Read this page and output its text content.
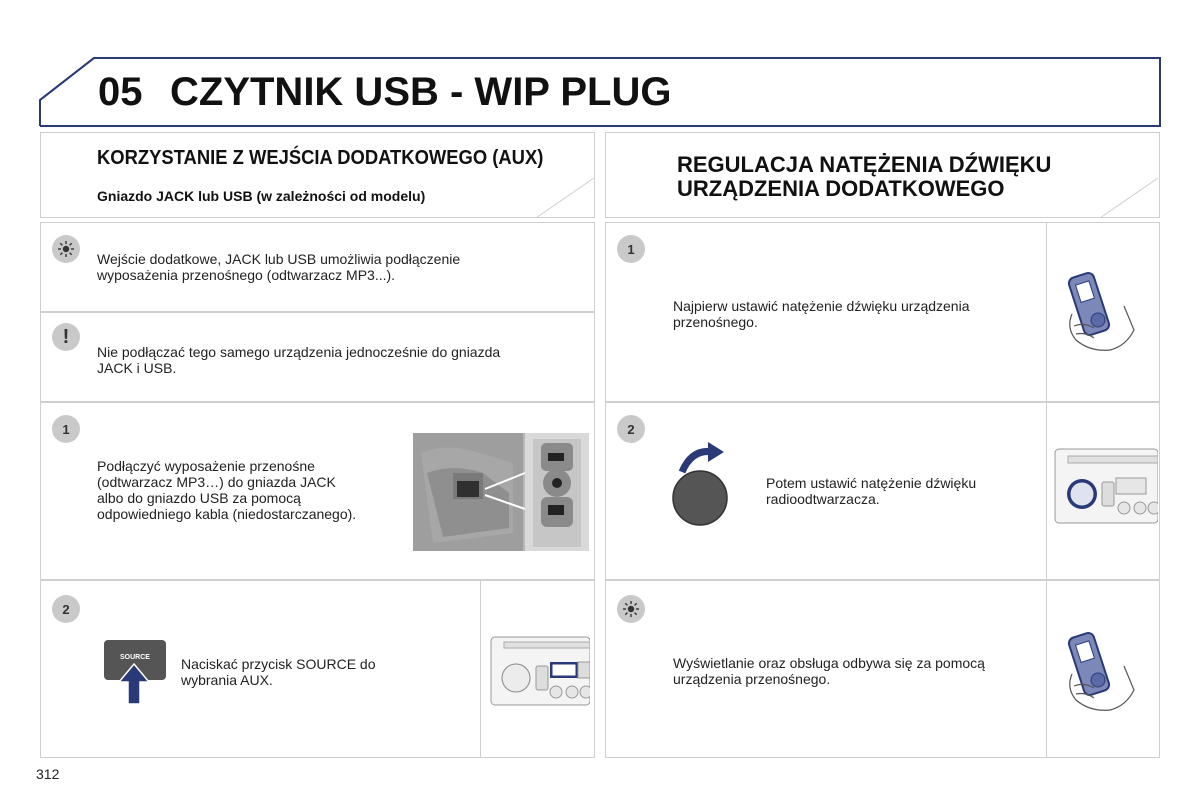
05 CZYTNIK USB - WIP PLUG
KORZYSTANIE Z WEJŚCIA DODATKOWEGO (AUX)
Gniazdo JACK lub USB (w zależności od modelu)
Wejście dodatkowe, JACK lub USB umożliwia podłączenie
wyposażenia przenośnego (odtwarzacz MP3...).
!
Nie podłączać tego samego urządzenia jednocześnie do gniazda
JACK i USB.
1
Podłączyć wyposażenie przenośne
(odtwarzacz MP3…) do gniazda JACK
albo do gniazdo USB za pomocą
odpowiedniego kabla (niedostarczanego).
2
SOURCE	Naciskać przycisk SOURCE do
wybrania AUX.
REGULACJA NATĘŻENIA DŹWIĘKU
URZĄDZENIA DODATKOWEGO
1
Najpierw ustawić natężenie dźwięku urządzenia
przenośnego.
2
Potem ustawić natężenie dźwięku
radioodtwarzacza.
Wyświetlanie oraz obsługa odbywa się za pomocą
urządzenia przenośnego.
312
